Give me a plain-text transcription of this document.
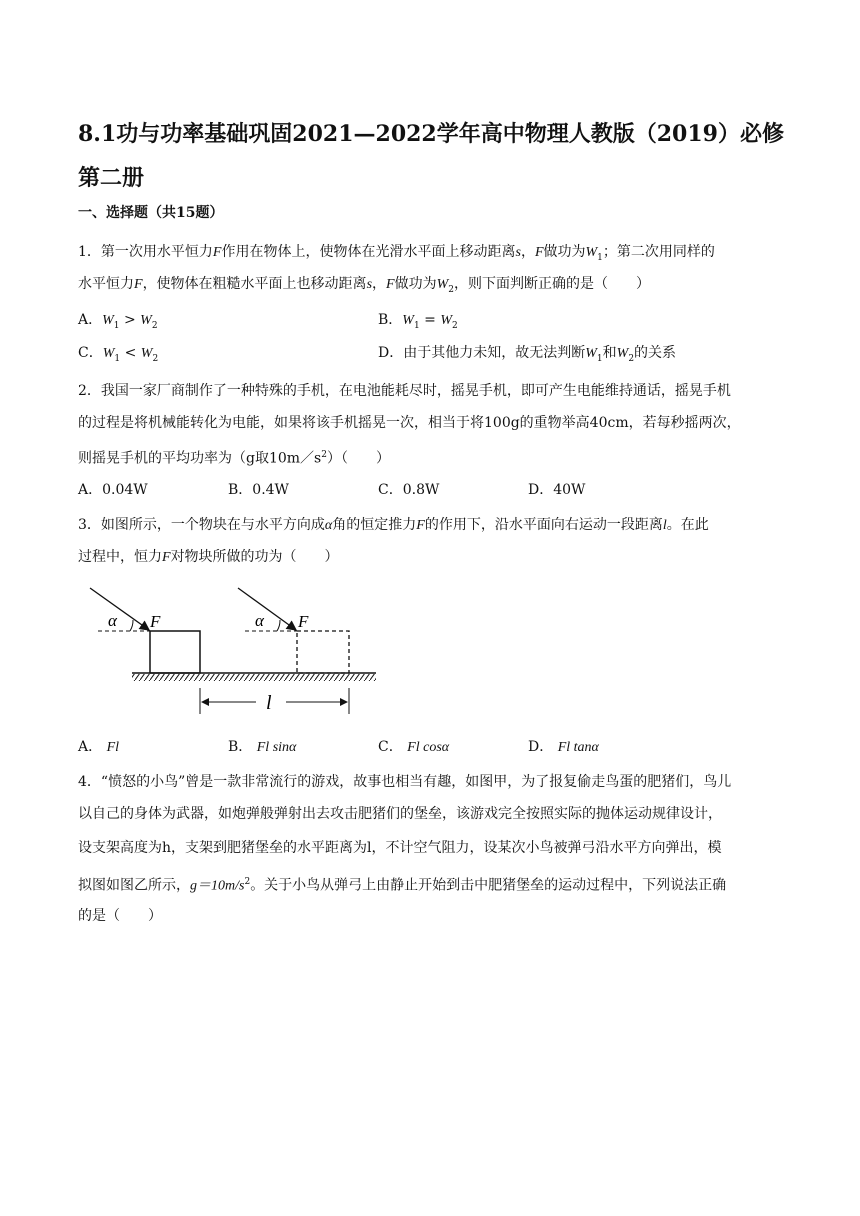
8.1功与功率基础巩固2021—2022学年高中物理人教版（2019）必修第二册
一、选择题（共15题）

1．第一次用水平恒力F作用在物体上，使物体在光滑水平面上移动距离s，F做功为$W_1$；第二次用同样的

水平恒力F，使物体在粗糙水平面上也移动距离s，F做功为$W_2$，则下面判断正确的是（　　）

A．$W_1 > W_2$	B．$W_1 = W_2$
C．$W_1 < W_2$	D．由于其他力未知，故无法判断$W_1$和$W_2$的关系

2．我国一家厂商制作了一种特殊的手机，在电池能耗尽时，摇晃手机，即可产生电能维持通话，摇晃手机

的过程是将机械能转化为电能，如果将该手机摇晃一次，相当于将100g的重物举高40cm，若每秒摇两次，

则摇晃手机的平均功率为（g取$10m/s^2$）（　　）

A．0.04W	B．0.4W	C．0.8W	D．40W

3．如图所示，一个物块在与水平方向成α角的恒定推力F的作用下，沿水平面向右运动一段距离l。在此

过程中，恒力F对物块所做的功为（　　）

α F	α F
l
A． Fl	B． Fl sinα	C． Fl cosα	D． Fl tanα

4．“愤怒的小鸟”曾是一款非常流行的游戏，故事也相当有趣，如图甲，为了报复偷走鸟蛋的肥猪们，鸟儿

以自己的身体为武器，如炮弹般弹射出去攻击肥猪们的堡垒，该游戏完全按照实际的抛体运动规律设计，

设支架高度为h，支架到肥猪堡垒的水平距离为l，不计空气阻力，设某次小鸟被弹弓沿水平方向弹出，模

拟图如图乙所示，$g=10m/s^2$。关于小鸟从弹弓上由静止开始到击中肥猪堡垒的运动过程中，下列说法正确

的是（　　）
